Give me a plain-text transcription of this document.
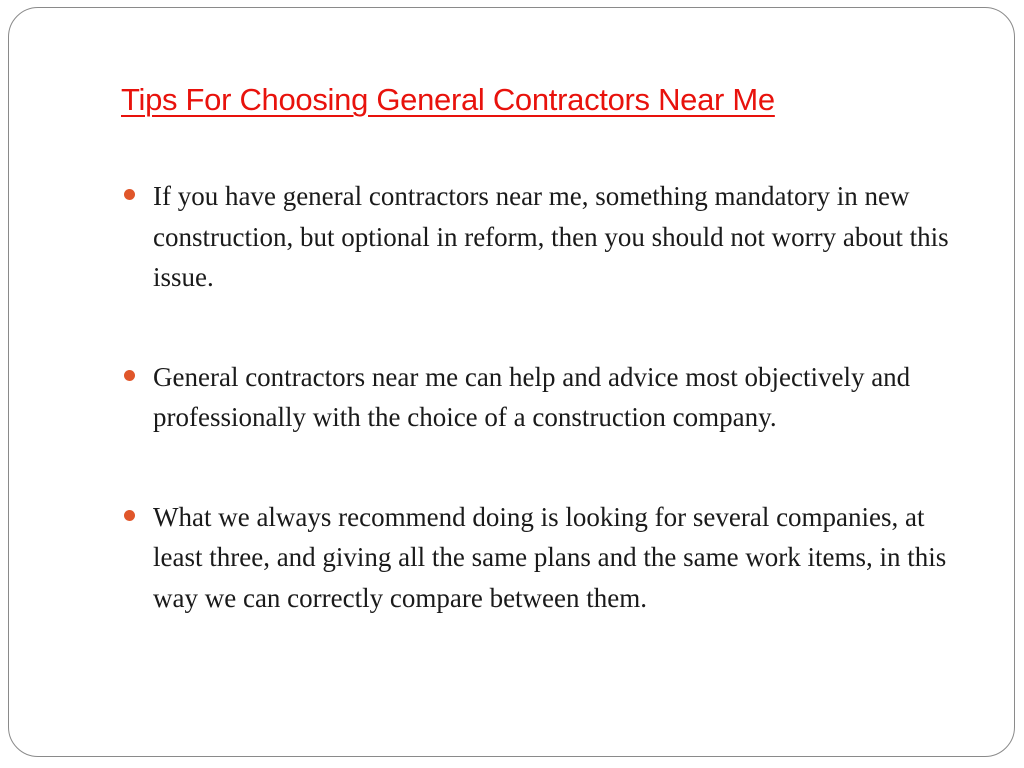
Tips For Choosing General Contractors Near Me
If you have general contractors near me, something mandatory in new construction, but optional in reform, then you should not worry about this issue.
General contractors near me can help and advice most objectively and professionally with the choice of a construction company.
What we always recommend doing is looking for several companies, at least three, and giving all the same plans and the same work items, in this way we can correctly compare between them.
